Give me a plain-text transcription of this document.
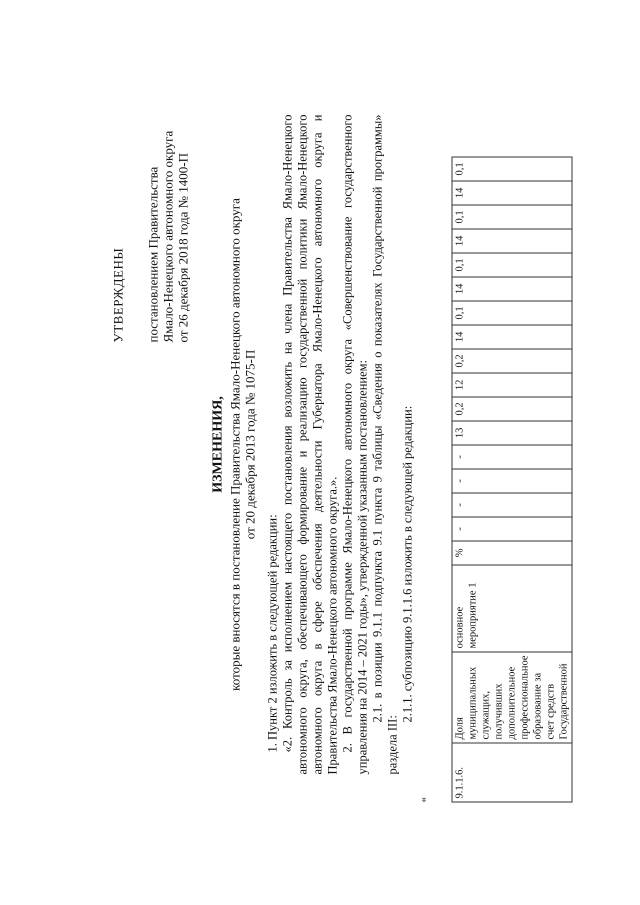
УТВЕРЖДЕНЫ постановлением Правительства Ямало-Ненецкого автономного округа от 26 декабря 2018 года № 1400-П
ИЗМЕНЕНИЯ, которые вносятся в постановление Правительства Ямало-Ненецкого автономного округа от 20 декабря 2013 года № 1075-П

1. Пункт 2 изложить в следующей редакции: «2. Контроль за исполнением настоящего постановления возложить на члена Правительства Ямало-Ненецкого автономного округа, обеспечивающего формирование и реализацию государственной политики Ямало-Ненецкого автономного округа в сфере обеспечения деятельности Губернатора Ямало-Ненецкого автономного округа и Правительства Ямало-Ненецкого автономного округа.». 2. В государственной программе Ямало-Ненецкого автономного округа «Совершенствование государственного управления на 2014 – 2021 годы», утвержденной указанным постановлением: 2.1. в позиции 9.1.1 подпункта 9.1 пункта 9 таблицы «Сведения о показателях Государственной программы» раздела III:

2.1.1. субпозицию 9.1.1.6 изложить в следующей редакции:

«
9.1.1.6.	Доля муниципальных служащих, получивших дополнительное профессиональное образование за счет средств Государственной	основное мероприятие 1	%	-	-	-	-	13	0,2	12	0,2	14	0,1	14	0,1	14	0,1	14	0,1
